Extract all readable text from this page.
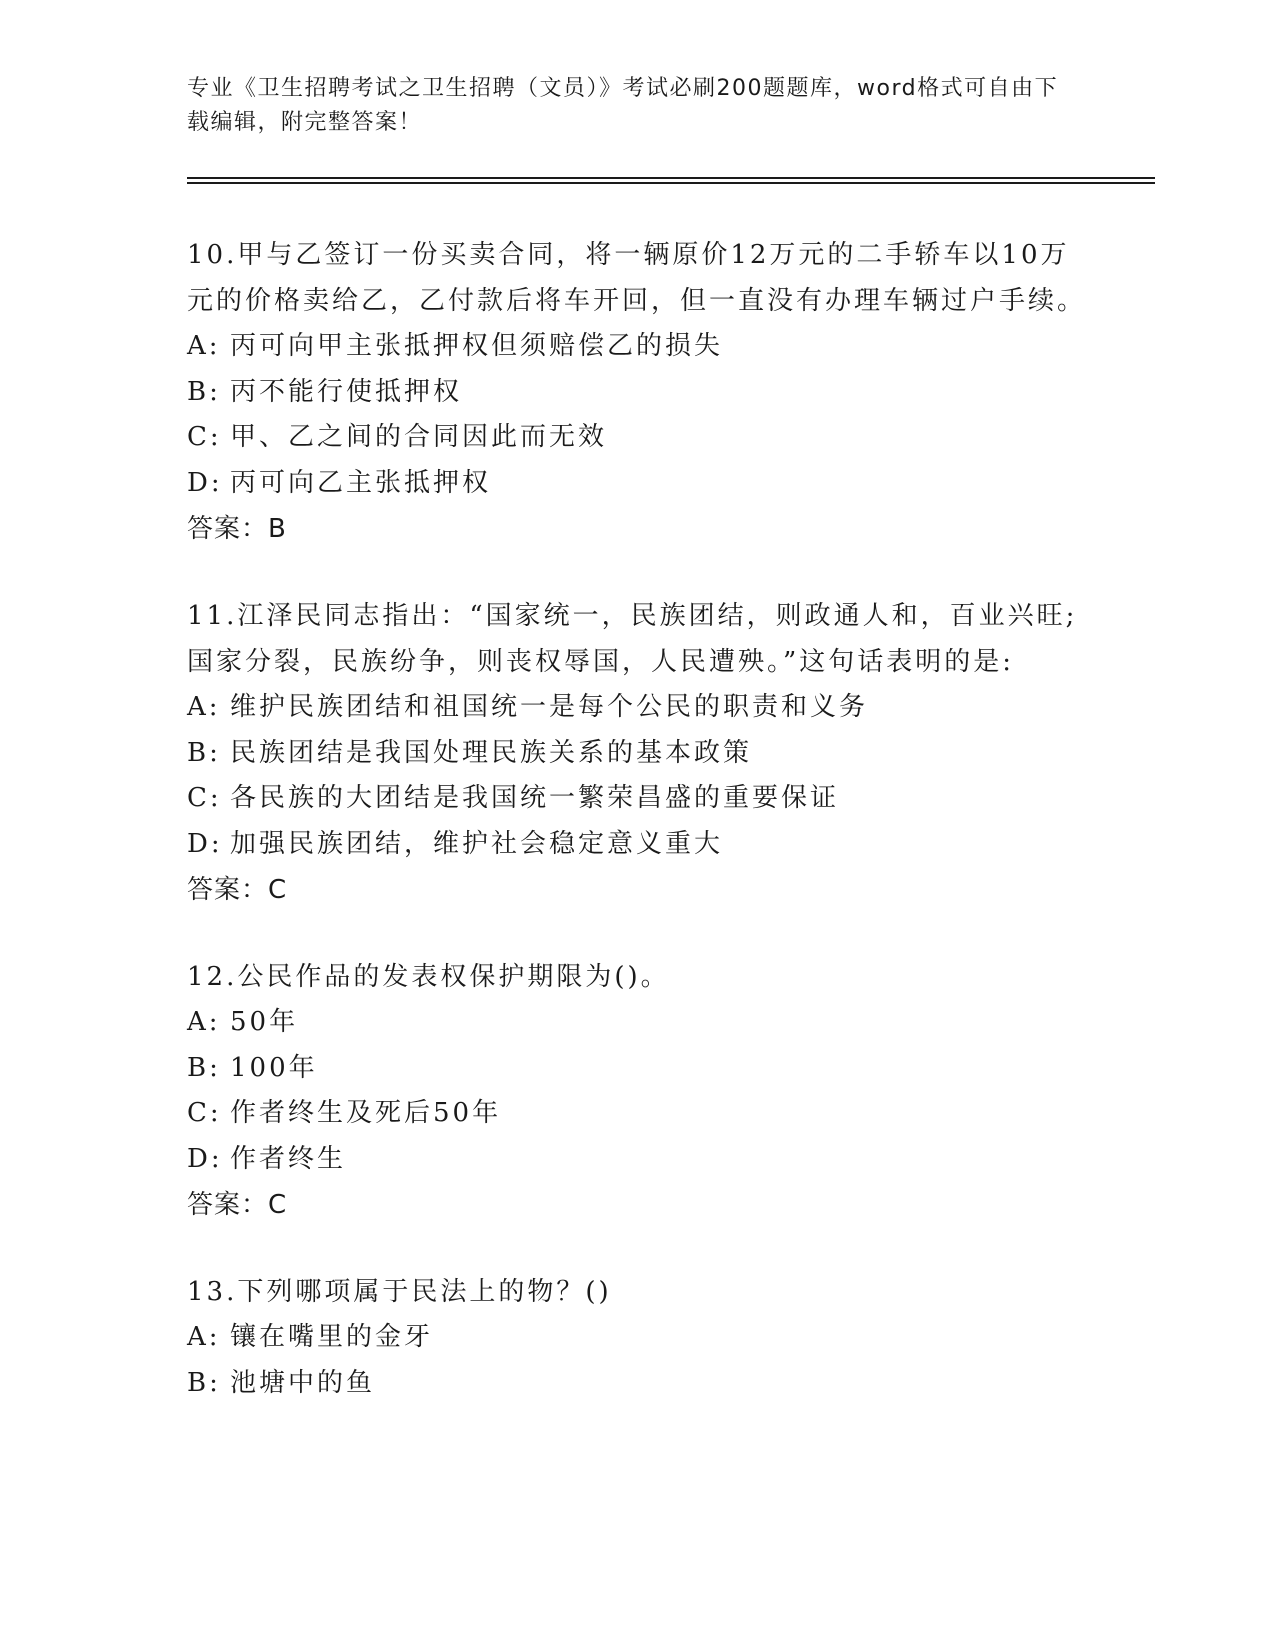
专业《卫生招聘考试之卫生招聘（文员）》考试必刷200题题库，word格式可自由下载编辑，附完整答案！

10.甲与乙签订一份买卖合同，将一辆原价12万元的二手轿车以10万元的价格卖给乙，乙付款后将车开回，但一直没有办理车辆过户手续。

A: 丙可向甲主张抵押权但须赔偿乙的损失

B: 丙不能行使抵押权

C: 甲、乙之间的合同因此而无效

D: 丙可向乙主张抵押权

答案：B

11.江泽民同志指出：“国家统一，民族团结，则政通人和，百业兴旺;国家分裂，民族纷争，则丧权辱国，人民遭殃。”这句话表明的是:

A: 维护民族团结和祖国统一是每个公民的职责和义务

B: 民族团结是我国处理民族关系的基本政策

C: 各民族的大团结是我国统一繁荣昌盛的重要保证

D: 加强民族团结，维护社会稳定意义重大

答案：C

12.公民作品的发表权保护期限为()。

A: 50年

B: 100年

C: 作者终生及死后50年

D: 作者终生

答案：C

13.下列哪项属于民法上的物？()

A: 镶在嘴里的金牙

B: 池塘中的鱼
